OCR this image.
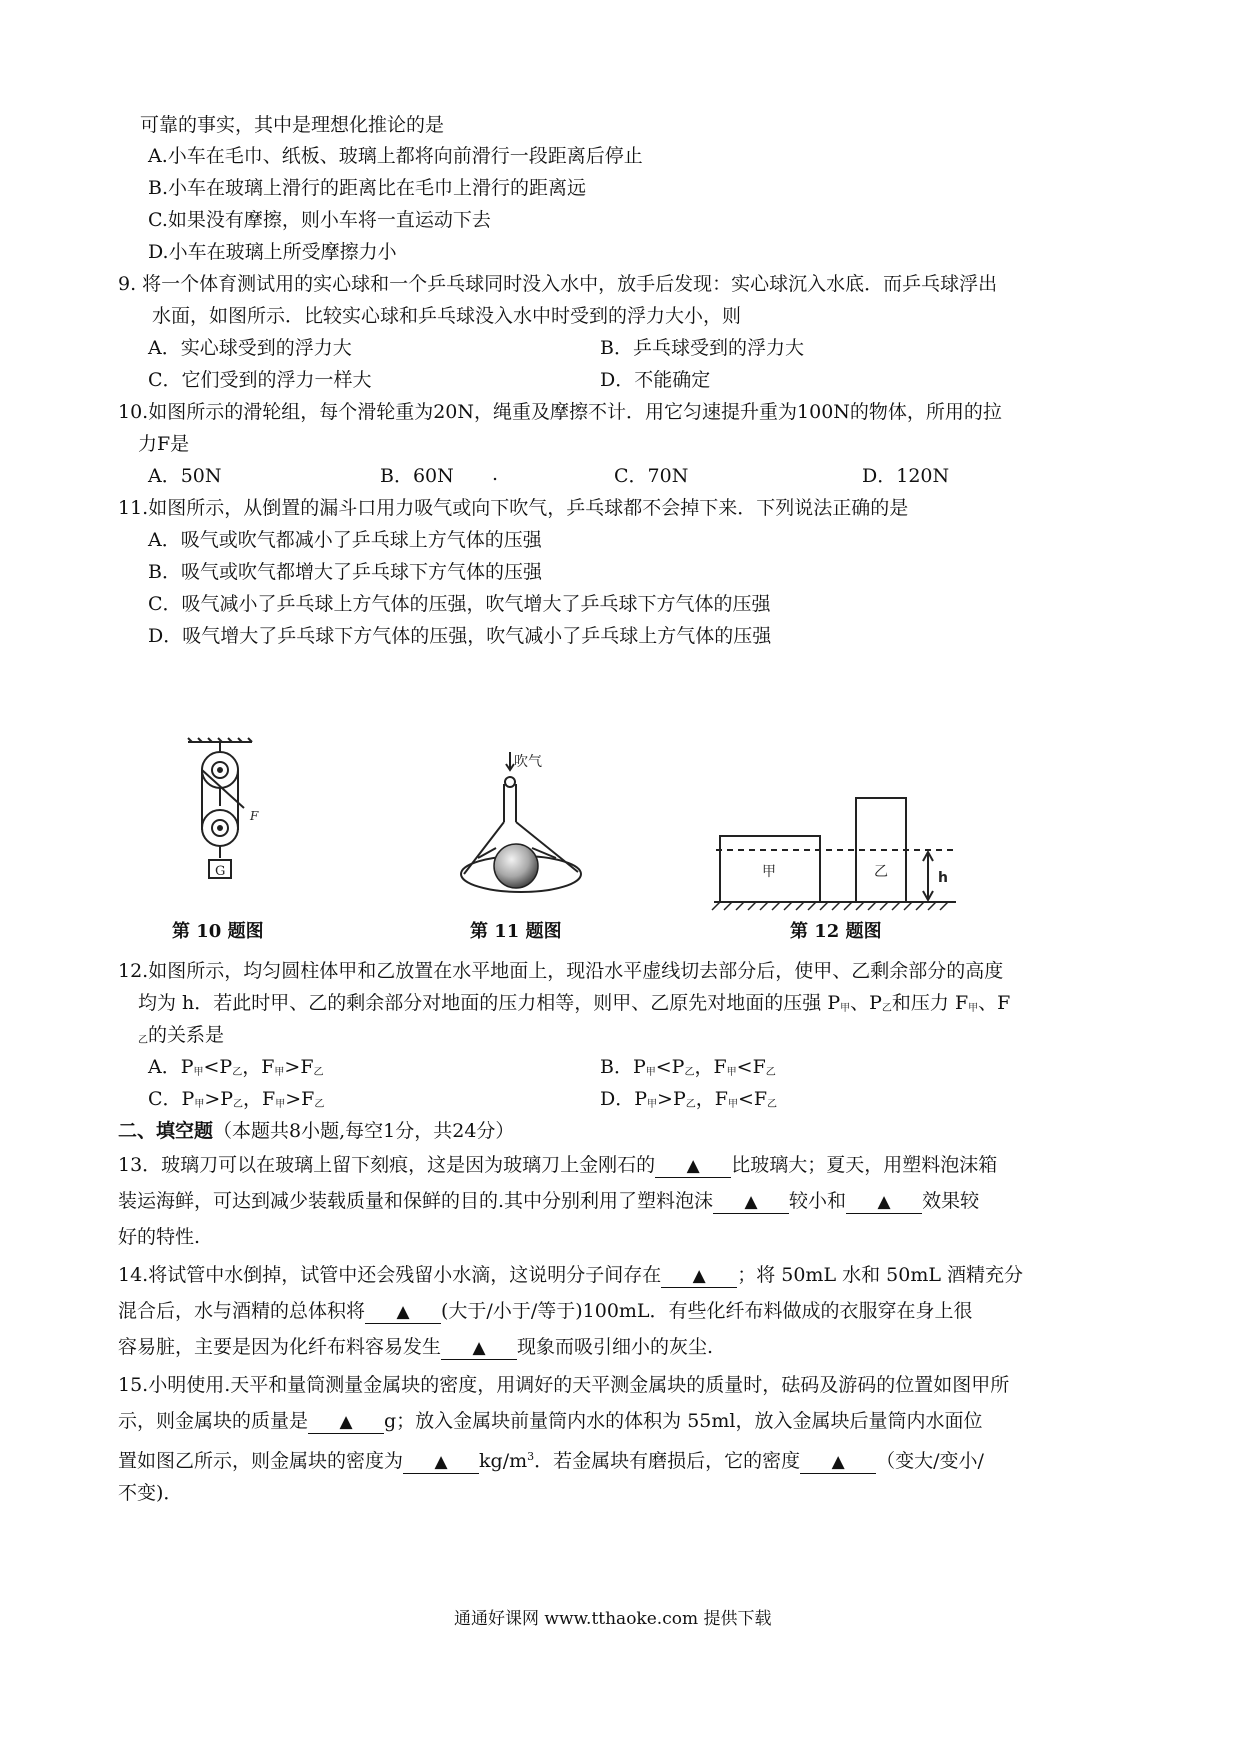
可靠的事实，其中是理想化推论的是
A.小车在毛巾、纸板、玻璃上都将向前滑行一段距离后停止
B.小车在玻璃上滑行的距离比在毛巾上滑行的距离远
C.如果没有摩擦，则小车将一直运动下去
D.小车在玻璃上所受摩擦力小
9. 将一个体育测试用的实心球和一个乒乓球同时没入水中，放手后发现：实心球沉入水底．而乒乓球浮出
水面，如图所示．比较实心球和乒乓球没入水中时受到的浮力大小，则
A．实心球受到的浮力大	B．乒乓球受到的浮力大
C．它们受到的浮力一样大	D．不能确定
10.如图所示的滑轮组，每个滑轮重为20N，绳重及摩擦不计．用它匀速提升重为100N的物体，所用的拉
力F是
A．50N	B．60N .	C．70N	D．120N
11.如图所示，从倒置的漏斗口用力吸气或向下吹气，乒乓球都不会掉下来．下列说法正确的是
A．吸气或吹气都减小了乒乓球上方气体的压强
B．吸气或吹气都增大了乒乓球下方气体的压强
C．吸气减小了乒乓球上方气体的压强，吹气增大了乒乓球下方气体的压强
D．吸气增大了乒乓球下方气体的压强，吹气减小了乒乓球上方气体的压强
F
G
第 10 题图
吹气
第 11 题图
甲	乙	h
第 12 题图
12.如图所示，均匀圆柱体甲和乙放置在水平地面上，现沿水平虚线切去部分后，使甲、乙剩余部分的高度
均为 h．若此时甲、乙的剩余部分对地面的压力相等，则甲、乙原先对地面的压强 $P_甲$、$P_乙$和压力 $F_甲$、F
$_乙$的关系是
A．$P_甲<P_乙$，$F_甲>F_乙$	B．$P_甲<P_乙$，$F_甲<F_乙$
C．$P_甲>P_乙$，$F_甲>F_乙$	D．$P_甲>P_乙$，$F_甲<F_乙$
二、填空题（本题共8小题,每空1分，共24分）
13．玻璃刀可以在玻璃上留下刻痕，这是因为玻璃刀上金刚石的 ▲ 比玻璃大；夏天，用塑料泡沫箱
装运海鲜，可达到减少装载质量和保鲜的目的.其中分别利用了塑料泡沫 ▲ 较小和 ▲ 效果较
好的特性.
14.将试管中水倒掉，试管中还会残留小水滴，这说明分子间存在 ▲ ；将 50mL 水和 50mL 酒精充分
混合后，水与酒精的总体积将 ▲ (大于/小于/等于)100mL．有些化纤布料做成的衣服穿在身上很
容易脏，主要是因为化纤布料容易发生 ▲ 现象而吸引细小的灰尘.
15.小明使用.天平和量筒测量金属块的密度，用调好的天平测金属块的质量时，砝码及游码的位置如图甲所
示，则金属块的质量是 ▲ g；放入金属块前量筒内水的体积为 55ml，放入金属块后量筒内水面位
置如图乙所示，则金属块的密度为 ▲ $kg/m^3$．若金属块有磨损后，它的密度 ▲ （变大/变小/
不变)．
通通好课网 www.tthaoke.com 提供下载
